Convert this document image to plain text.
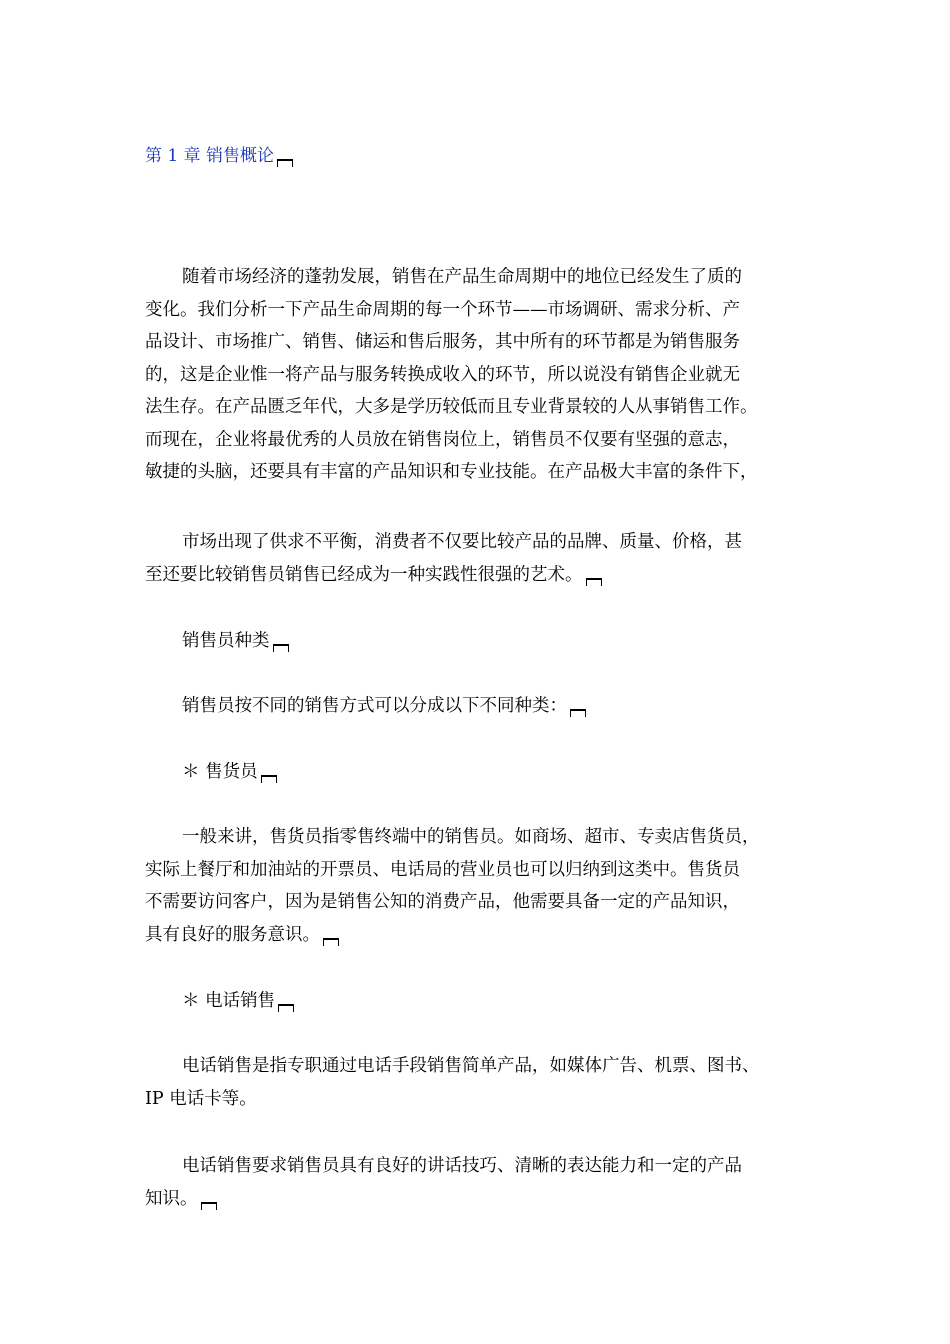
第 1 章 销售概论
随着市场经济的蓬勃发展，销售在产品生命周期中的地位已经发生了质的
变化。我们分析一下产品生命周期的每一个环节——市场调研、需求分析、产
品设计、市场推广、销售、储运和售后服务，其中所有的环节都是为销售服务
的，这是企业惟一将产品与服务转换成收入的环节，所以说没有销售企业就无
法生存。在产品匮乏年代，大多是学历较低而且专业背景较的人从事销售工作。
而现在，企业将最优秀的人员放在销售岗位上，销售员不仅要有坚强的意志，
敏捷的头脑，还要具有丰富的产品知识和专业技能。在产品极大丰富的条件下，
市场出现了供求不平衡，消费者不仅要比较产品的品牌、质量、价格，甚
至还要比较销售员销售已经成为一种实践性很强的艺术。
销售员种类
销售员按不同的销售方式可以分成以下不同种类：
＊ 售货员
一般来讲，售货员指零售终端中的销售员。如商场、超市、专卖店售货员，
实际上餐厅和加油站的开票员、电话局的营业员也可以归纳到这类中。售货员
不需要访问客户，因为是销售公知的消费产品，他需要具备一定的产品知识，
具有良好的服务意识。
＊ 电话销售
电话销售是指专职通过电话手段销售简单产品，如媒体广告、机票、图书、
IP 电话卡等。
电话销售要求销售员具有良好的讲话技巧、清晰的表达能力和一定的产品
知识。
